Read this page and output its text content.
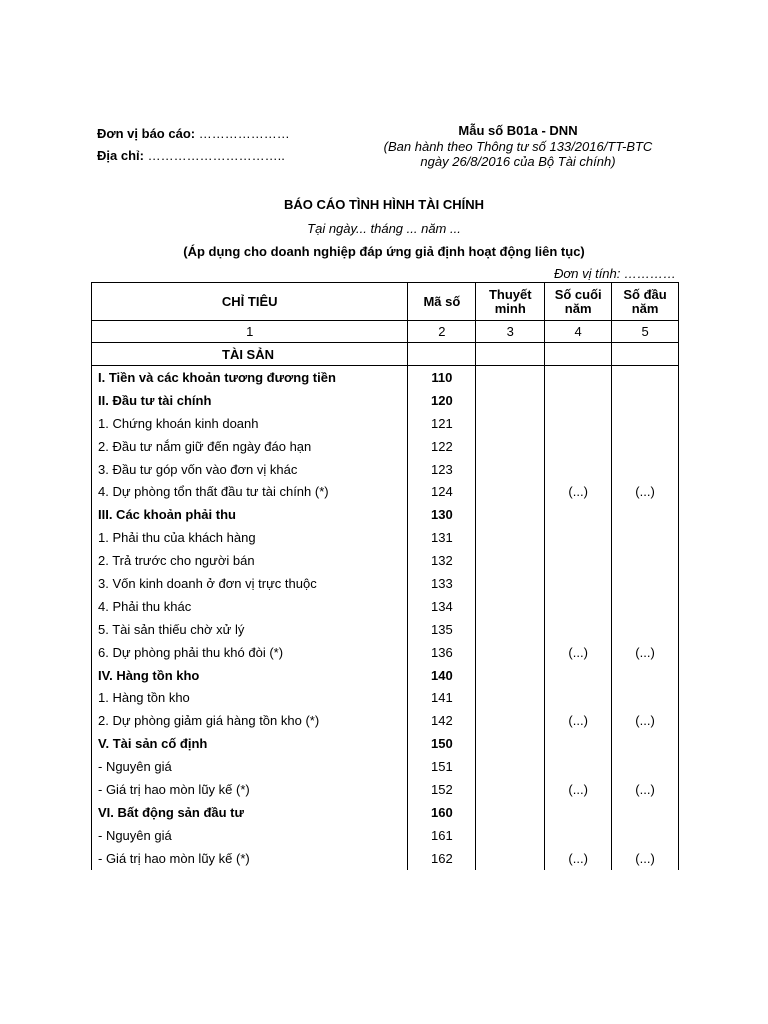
Đơn vị báo cáo: …………………
Địa chỉ: …………………………..
Mẫu số B01a - DNN
(Ban hành theo Thông tư số 133/2016/TT-BTC
ngày 26/8/2016 của Bộ Tài chính)
BÁO CÁO TÌNH HÌNH TÀI CHÍNH
Tại ngày... tháng ... năm ...
(Áp dụng cho doanh nghiệp đáp ứng giả định hoạt động liên tục)
Đơn vị tính: …………
CHỈ TIÊU	Mã số	Thuyết minh	Số cuối năm	Số đầu năm
1	2	3	4	5
TÀI SẢN				
I. Tiền và các khoản tương đương tiền	110			
II. Đầu tư tài chính	120			
1. Chứng khoán kinh doanh	121			
2. Đầu tư nắm giữ đến ngày đáo hạn	122			
3. Đầu tư góp vốn vào đơn vị khác	123			
4. Dự phòng tổn thất đầu tư tài chính (*)	124		(...)	(...)
III. Các khoản phải thu	130			
1. Phải thu của khách hàng	131			
2. Trả trước cho người bán	132			
3. Vốn kinh doanh ở đơn vị trực thuộc	133			
4. Phải thu khác	134			
5. Tài sản thiếu chờ xử lý	135			
6. Dự phòng phải thu khó đòi (*)	136		(...)	(...)
IV. Hàng tồn kho	140			
1. Hàng tồn kho	141			
2. Dự phòng giảm giá hàng tồn kho (*)	142		(...)	(...)
V. Tài sản cố định	150			
- Nguyên giá	151			
- Giá trị hao mòn lũy kế (*)	152		(...)	(...)
VI. Bất động sản đầu tư	160			
- Nguyên giá	161			
- Giá trị hao mòn lũy kế (*)	162		(...)	(...)
